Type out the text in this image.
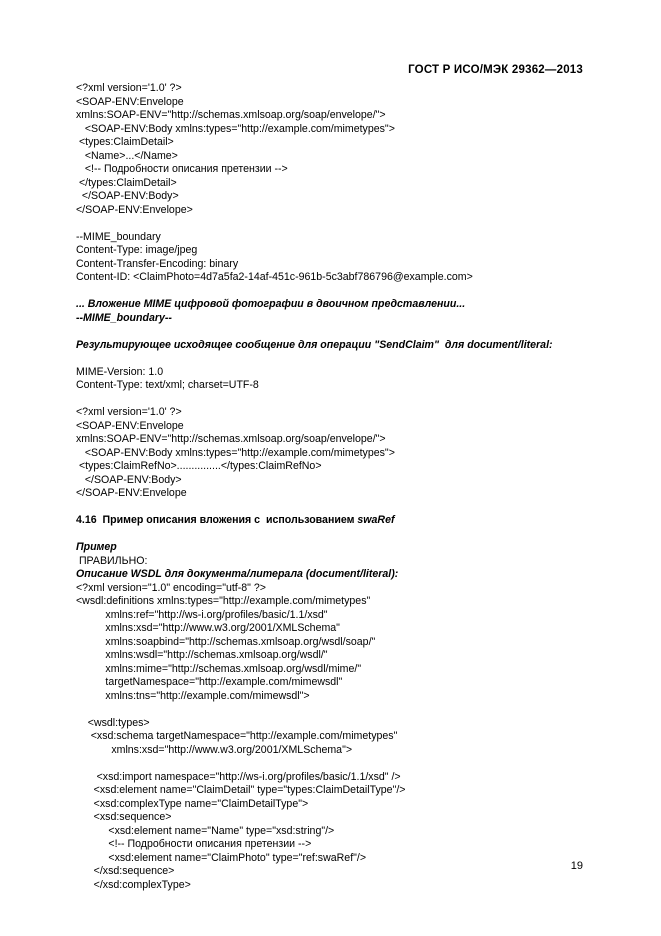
ГОСТ Р ИСО/МЭК 29362—2013
<?xml version='1.0' ?>
<SOAP-ENV:Envelope
xmlns:SOAP-ENV="http://schemas.xmlsoap.org/soap/envelope/">
<SOAP-ENV:Body xmlns:types="http://example.com/mimetypes">
<types:ClaimDetail>
<Name>...</Name>
<!-- Подробности описания претензии -->
</types:ClaimDetail>
</SOAP-ENV:Body>
</SOAP-ENV:Envelope>
--MIME_boundary
Content-Type: image/jpeg
Content-Transfer-Encoding: binary
Content-ID: <ClaimPhoto=4d7a5fa2-14af-451c-961b-5c3abf786796@example.com>
... Вложение MIME цифровой фотографии в двоичном представлении...
--MIME_boundary--
Результирующее исходящее сообщение для операции "SendClaim"  для document/literal:
MIME-Version: 1.0
Content-Type: text/xml; charset=UTF-8
<?xml version='1.0' ?>
<SOAP-ENV:Envelope
xmlns:SOAP-ENV="http://schemas.xmlsoap.org/soap/envelope/">
<SOAP-ENV:Body xmlns:types="http://example.com/mimetypes">
<types:ClaimRefNo>...............</types:ClaimRefNo>
</SOAP-ENV:Body>
</SOAP-ENV:Envelope
4.16 Пример описания вложения с  использованием swaRef
Пример
ПРАВИЛЬНО:
Описание WSDL для документа/литерала (document/literal):
<?xml version="1.0" encoding="utf-8" ?>
<wsdl:definitions xmlns:types="http://example.com/mimetypes"
xmlns:ref="http://ws-i.org/profiles/basic/1.1/xsd"
xmlns:xsd="http://www.w3.org/2001/XMLSchema"
xmlns:soapbind="http://schemas.xmlsoap.org/wsdl/soap/"
xmlns:wsdl="http://schemas.xmlsoap.org/wsdl/"
xmlns:mime="http://schemas.xmlsoap.org/wsdl/mime/"
targetNamespace="http://example.com/mimewsdl"
xmlns:tns="http://example.com/mimewsdl">
<wsdl:types>
<xsd:schema targetNamespace="http://example.com/mimetypes"
xmlns:xsd="http://www.w3.org/2001/XMLSchema">
<xsd:import namespace="http://ws-i.org/profiles/basic/1.1/xsd" />
<xsd:element name="ClaimDetail" type="types:ClaimDetailType"/>
<xsd:complexType name="ClaimDetailType">
<xsd:sequence>
<xsd:element name="Name" type="xsd:string"/>
<!-- Подробности описания претензии -->
<xsd:element name="ClaimPhoto" type="ref:swaRef"/>
</xsd:sequence>
</xsd:complexType>
19
